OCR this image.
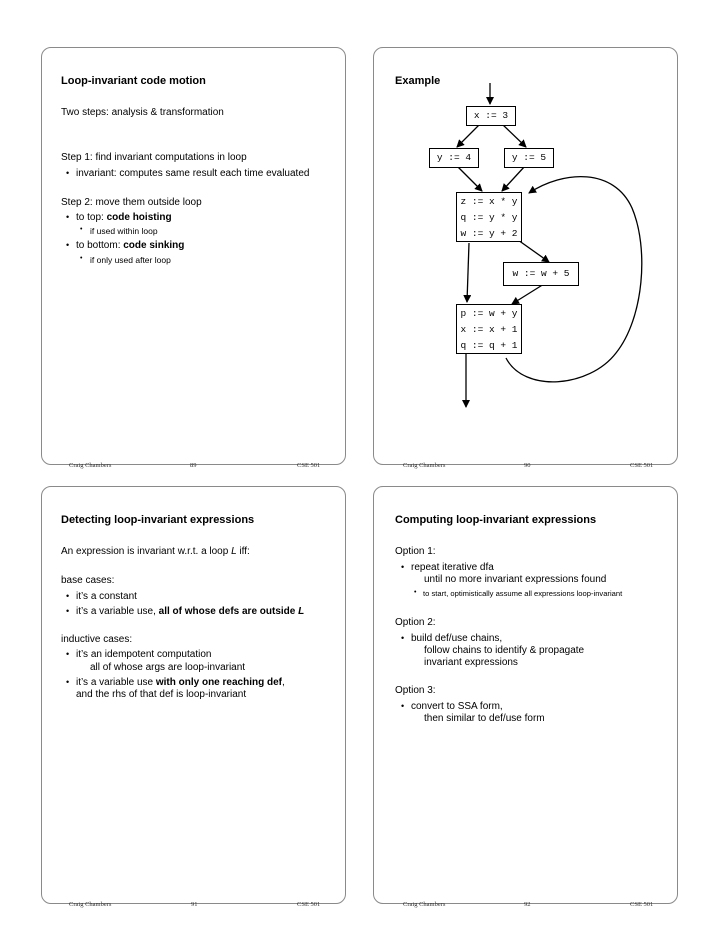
Loop-invariant code motion
Two steps: analysis & transformation
Step 1: find invariant computations in loop
• invariant: computes same result each time evaluated
Step 2: move them outside loop
• to top: code hoisting
• if used within loop
• to bottom: code sinking
• if only used after loop
Craig Chambers	89	CSE 501
Example
x := 3
y := 4	y := 5
z := x * y
q := y * y
w := y + 2
w := w + 5
p := w + y
x := x + 1
q := q + 1
Craig Chambers	90	CSE 501
Detecting loop-invariant expressions
An expression is invariant w.r.t. a loop L iff:
base cases:
• it’s a constant
• it’s a variable use, all of whose defs are outside L
inductive cases:
• it’s an idempotent computation
all of whose args are loop-invariant
• it’s a variable use with only one reaching def,
and the rhs of that def is loop-invariant
Craig Chambers	91	CSE 501
Computing loop-invariant expressions
Option 1:
• repeat iterative dfa
until no more invariant expressions found
• to start, optimistically assume all expressions loop-invariant
Option 2:
• build def/use chains,
follow chains to identify & propagate
invariant expressions
Option 3:
• convert to SSA form,
then similar to def/use form
Craig Chambers	92	CSE 501
